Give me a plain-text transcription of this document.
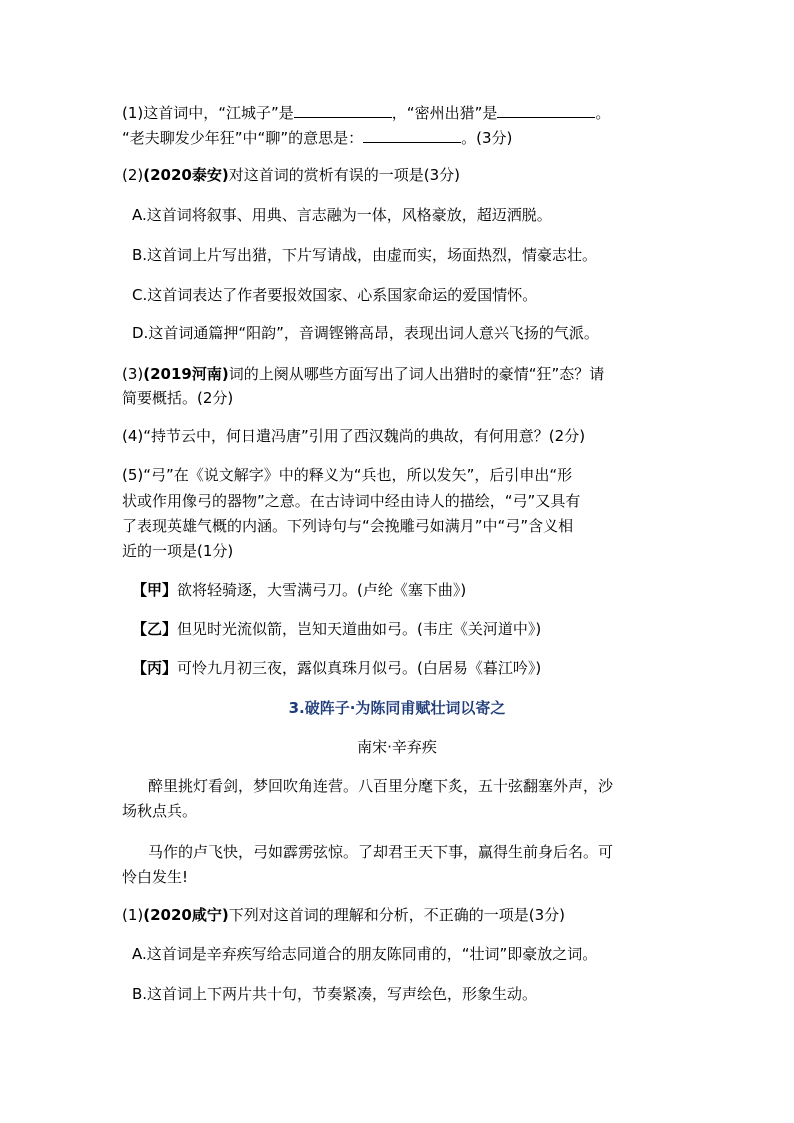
(1)这首词中，“江城子”是	，“密州出猎”是	。
“老夫聊发少年狂”中“聊”的意思是：	。(3分)
(2)(2020泰安)对这首词的赏析有误的一项是(3分)
A.这首词将叙事、用典、言志融为一体，风格豪放，超迈洒脱。
B.这首词上片写出猎，下片写请战，由虚而实，场面热烈，情豪志壮。
C.这首词表达了作者要报效国家、心系国家命运的爱国情怀。
D.这首词通篇押“阳韵”，音调铿锵高昂，表现出词人意兴飞扬的气派。
(3)(2019河南)词的上阕从哪些方面写出了词人出猎时的豪情“狂”态？请
简要概括。(2分)
(4)“持节云中，何日遣冯唐”引用了西汉魏尚的典故，有何用意？(2分)
(5)“弓”在《说文解字》中的释义为“兵也，所以发矢”，后引申出“形
状或作用像弓的器物”之意。在古诗词中经由诗人的描绘，“弓”又具有
了表现英雄气概的内涵。下列诗句与“会挽雕弓如满月”中“弓”含义相
近的一项是(1分)
【甲】欲将轻骑逐，大雪满弓刀。(卢纶《塞下曲》)
【乙】但见时光流似箭，岂知天道曲如弓。(韦庄《关河道中》)
【丙】可怜九月初三夜，露似真珠月似弓。(白居易《暮江吟》)
3.破阵子·为陈同甫赋壮词以寄之
南宋·辛弃疾
醉里挑灯看剑，梦回吹角连营。八百里分麾下炙，五十弦翻塞外声，沙
场秋点兵。
马作的卢飞快，弓如霹雳弦惊。了却君王天下事，赢得生前身后名。可
怜白发生!
(1)(2020咸宁)下列对这首词的理解和分析，不正确的一项是(3分)
A.这首词是辛弃疾写给志同道合的朋友陈同甫的，“壮词”即豪放之词。
B.这首词上下两片共十句，节奏紧凑，写声绘色，形象生动。
